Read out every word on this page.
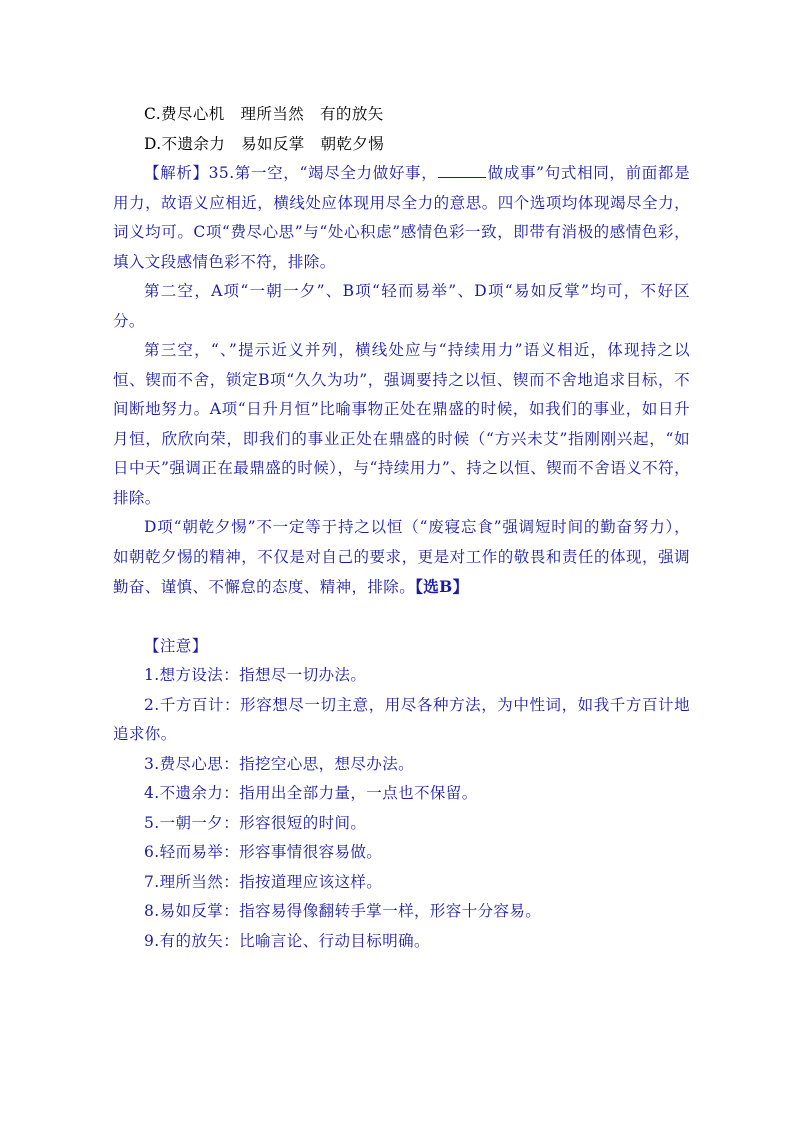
C.费尽心机　理所当然　有的放矢

D.不遗余力　易如反掌　朝乾夕惕

【解析】35.第一空，“竭尽全力做好事，	做成事”句式相同，前面都是用力，故语义应相近，横线处应体现用尽全力的意思。四个选项均体现竭尽全力，词义均可。C项“费尽心思”与“处心积虑”感情色彩一致，即带有消极的感情色彩，填入文段感情色彩不符，排除。

第二空，A项“一朝一夕”、B项“轻而易举”、D项“易如反掌”均可，不好区分。

第三空，“、”提示近义并列，横线处应与“持续用力”语义相近，体现持之以恒、锲而不舍，锁定B项“久久为功”，强调要持之以恒、锲而不舍地追求目标，不间断地努力。A项“日升月恒”比喻事物正处在鼎盛的时候，如我们的事业，如日升月恒，欣欣向荣，即我们的事业正处在鼎盛的时候（“方兴未艾”指刚刚兴起，“如日中天”强调正在最鼎盛的时候），与“持续用力”、持之以恒、锲而不舍语义不符，排除。

D项“朝乾夕惕”不一定等于持之以恒（“废寝忘食”强调短时间的勤奋努力），如朝乾夕惕的精神，不仅是对自己的要求，更是对工作的敬畏和责任的体现，强调勤奋、谨慎、不懈怠的态度、精神，排除。【选B】

【注意】

1.想方设法：指想尽一切办法。

2.千方百计：形容想尽一切主意，用尽各种方法，为中性词，如我千方百计地追求你。

3.费尽心思：指挖空心思，想尽办法。

4.不遗余力：指用出全部力量，一点也不保留。

5.一朝一夕：形容很短的时间。

6.轻而易举：形容事情很容易做。

7.理所当然：指按道理应该这样。

8.易如反掌：指容易得像翻转手掌一样，形容十分容易。

9.有的放矢：比喻言论、行动目标明确。
